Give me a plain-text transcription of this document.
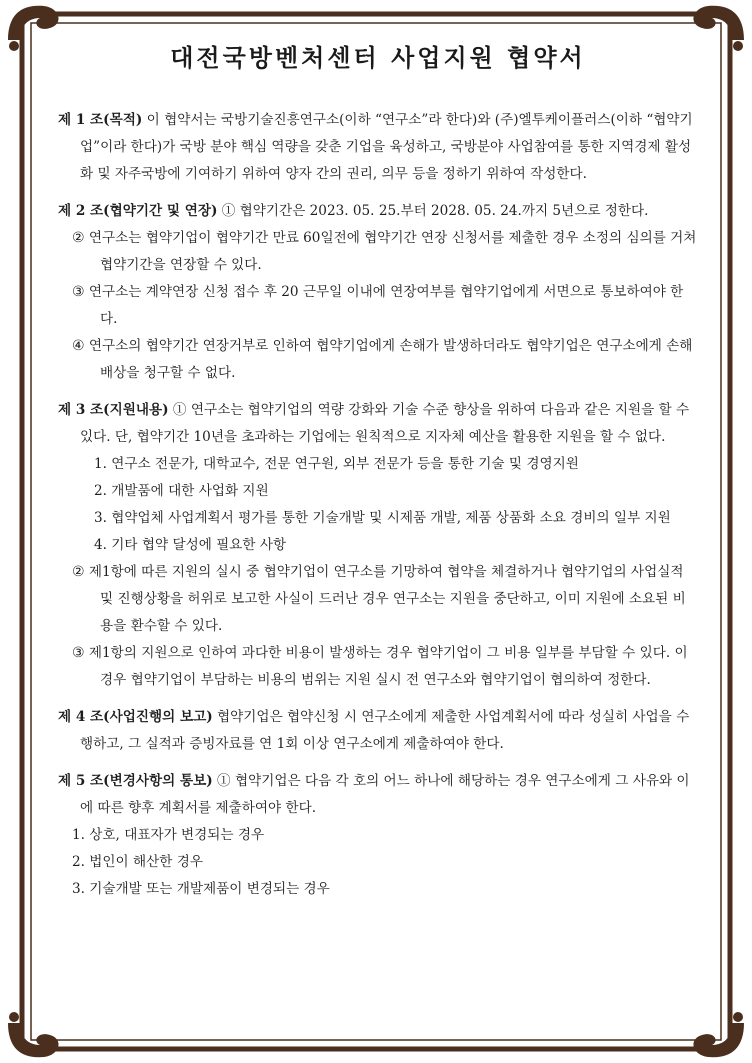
대전국방벤처센터 사업지원 협약서

제 1 조(목적) 이 협약서는 국방기술진흥연구소(이하 “연구소”라 한다)와 (주)엘투케이플러스(이하 “협약기업”이라 한다)가 국방 분야 핵심 역량을 갖춘 기업을 육성하고, 국방분야 사업참여를 통한 지역경제 활성화 및 자주국방에 기여하기 위하여 양자 간의 권리, 의무 등을 정하기 위하여 작성한다.

제 2 조(협약기간 및 연장) ① 협약기간은 2023. 05. 25.부터 2028. 05. 24.까지 5년으로 정한다.

② 연구소는 협약기업이 협약기간 만료 60일전에 협약기간 연장 신청서를 제출한 경우 소정의 심의를 거쳐 협약기간을 연장할 수 있다.

③ 연구소는 계약연장 신청 접수 후 20 근무일 이내에 연장여부를 협약기업에게 서면으로 통보하여야 한다.

④ 연구소의 협약기간 연장거부로 인하여 협약기업에게 손해가 발생하더라도 협약기업은 연구소에게 손해배상을 청구할 수 없다.

제 3 조(지원내용) ① 연구소는 협약기업의 역량 강화와 기술 수준 향상을 위하여 다음과 같은 지원을 할 수 있다. 단, 협약기간 10년을 초과하는 기업에는 원칙적으로 지자체 예산을 활용한 지원을 할 수 없다.

1. 연구소 전문가, 대학교수, 전문 연구원, 외부 전문가 등을 통한 기술 및 경영지원

2. 개발품에 대한 사업화 지원

3. 협약업체 사업계획서 평가를 통한 기술개발 및 시제품 개발, 제품 상품화 소요 경비의 일부 지원

4. 기타 협약 달성에 필요한 사항

② 제1항에 따른 지원의 실시 중 협약기업이 연구소를 기망하여 협약을 체결하거나 협약기업의 사업실적 및 진행상황을 허위로 보고한 사실이 드러난 경우 연구소는 지원을 중단하고, 이미 지원에 소요된 비용을 환수할 수 있다.

③ 제1항의 지원으로 인하여 과다한 비용이 발생하는 경우 협약기업이 그 비용 일부를 부담할 수 있다. 이 경우 협약기업이 부담하는 비용의 범위는 지원 실시 전 연구소와 협약기업이 협의하여 정한다.

제 4 조(사업진행의 보고) 협약기업은 협약신청 시 연구소에게 제출한 사업계획서에 따라 성실히 사업을 수행하고, 그 실적과 증빙자료를 연 1회 이상 연구소에게 제출하여야 한다.

제 5 조(변경사항의 통보) ① 협약기업은 다음 각 호의 어느 하나에 해당하는 경우 연구소에게 그 사유와 이에 따른 향후 계획서를 제출하여야 한다.

1. 상호, 대표자가 변경되는 경우

2. 법인이 해산한 경우

3. 기술개발 또는 개발제품이 변경되는 경우
